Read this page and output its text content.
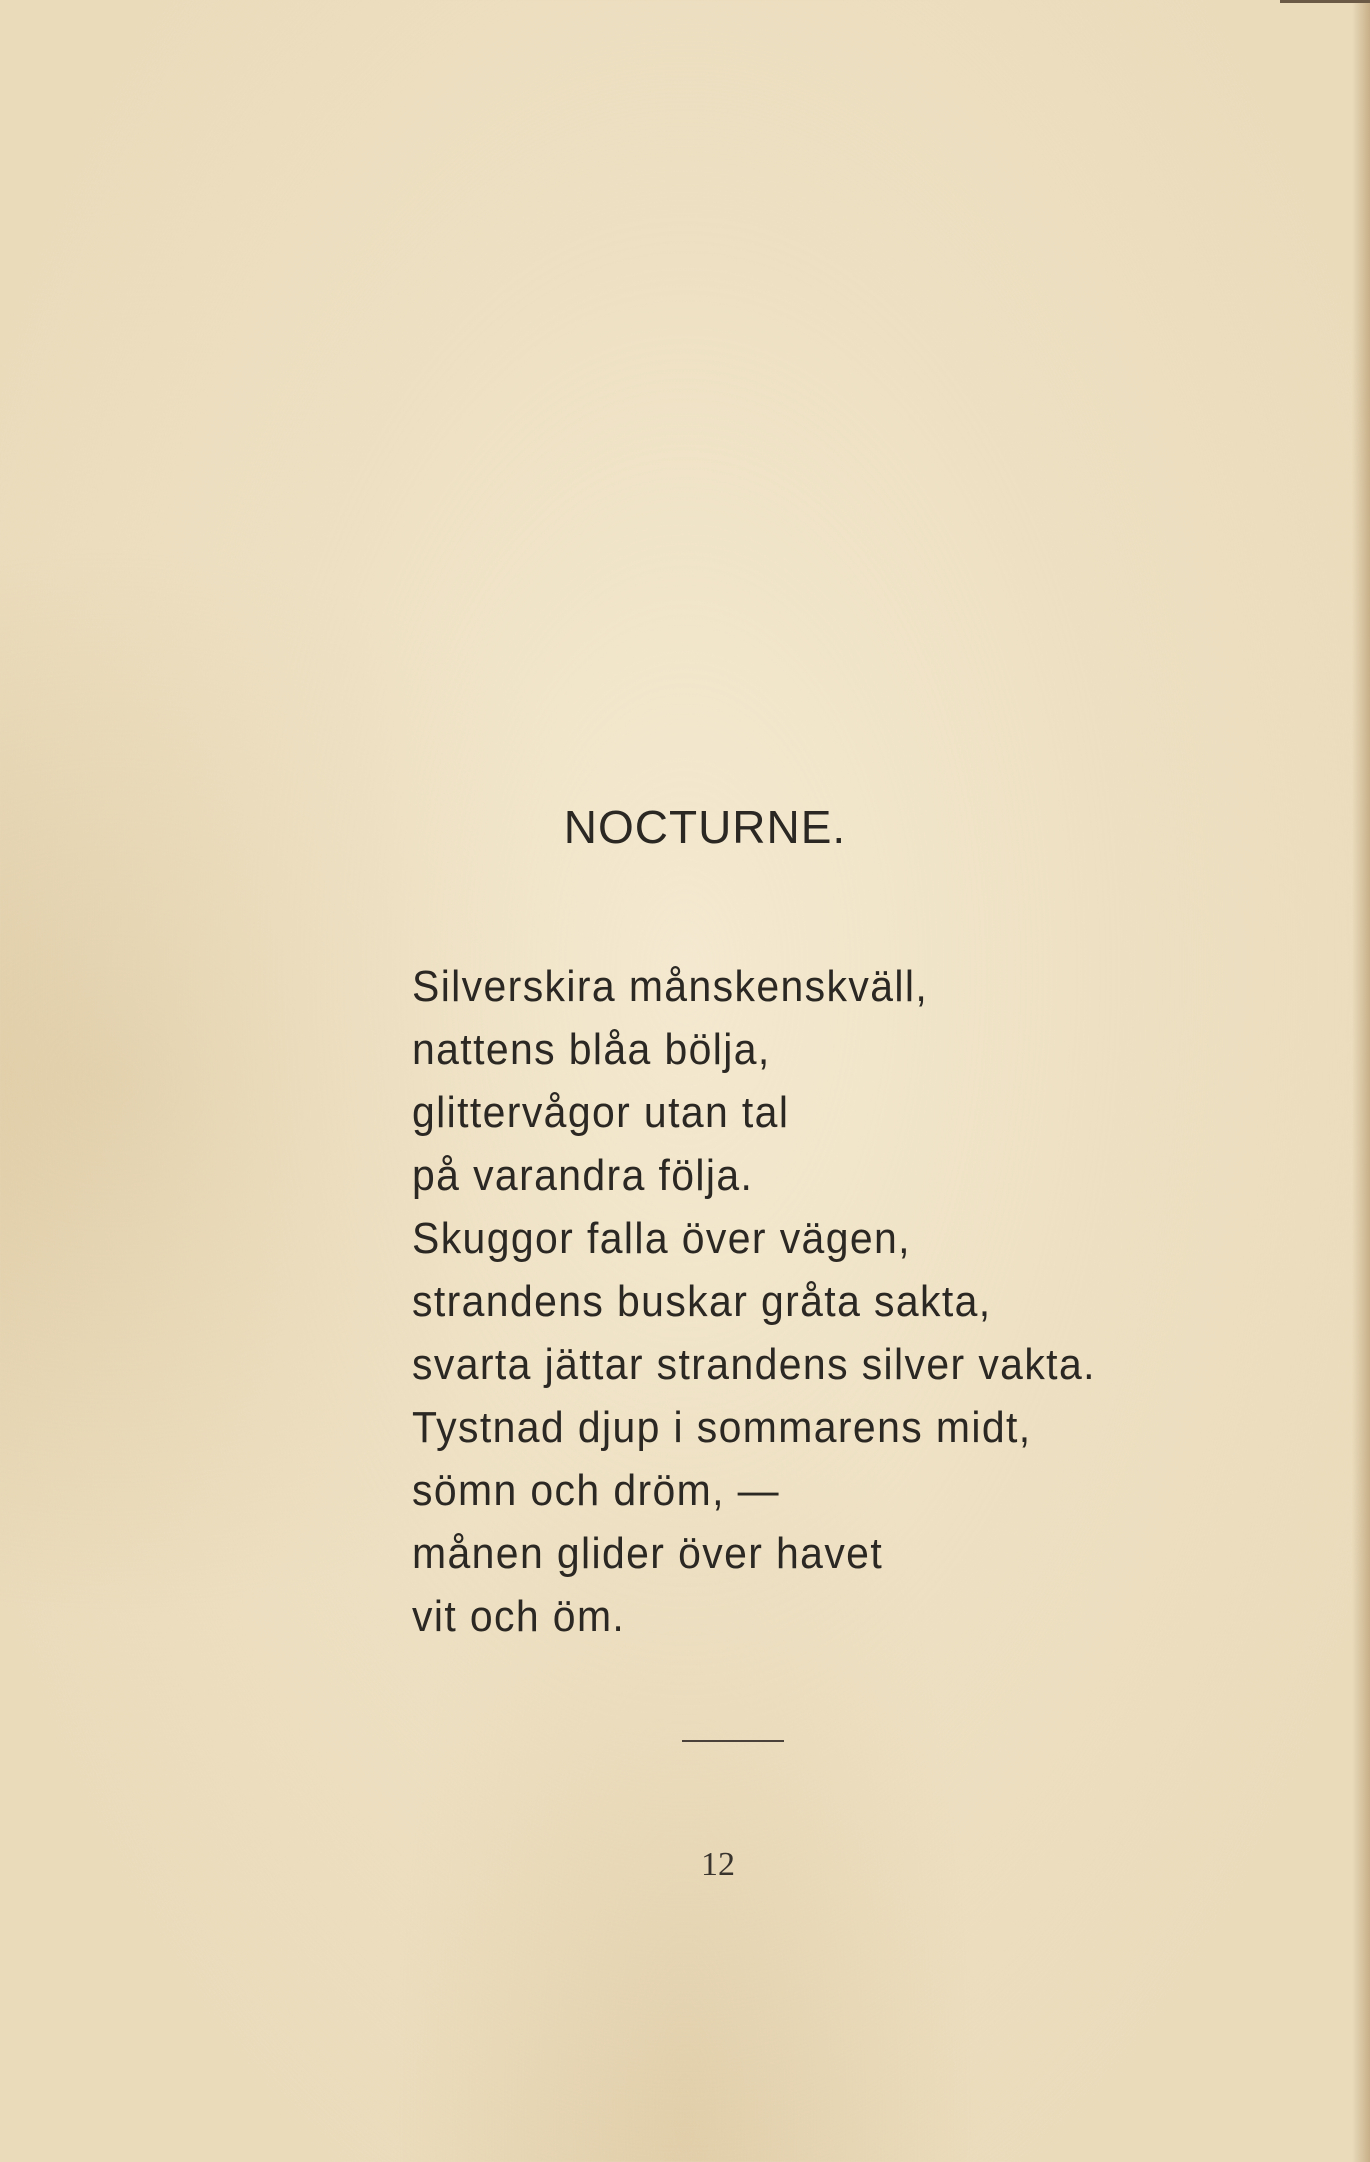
NOCTURNE.
Silverskira månskenskväll,
nattens blåa bölja,
glittervågor utan tal
på varandra följa.
Skuggor falla över vägen,
strandens buskar gråta sakta,
svarta jättar strandens silver vakta.
Tystnad djup i sommarens midt,
sömn och dröm, —
månen glider över havet
vit och öm.
12
